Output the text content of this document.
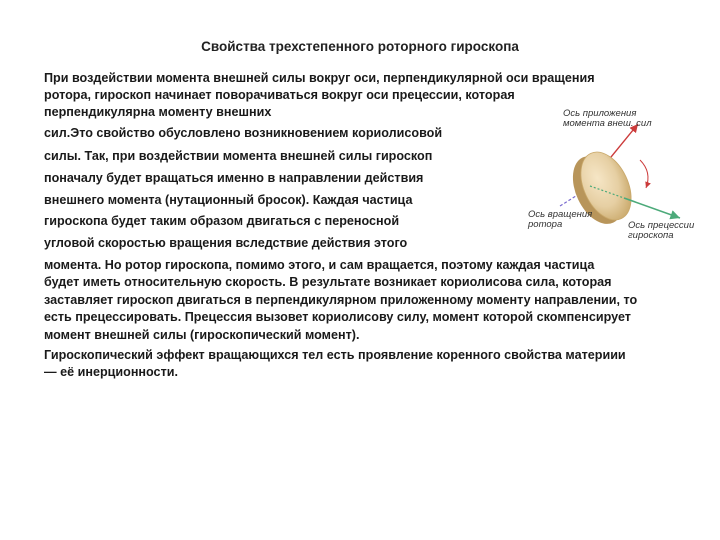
Свойства трехстепенного роторного гироскопа
При воздействии момента внешней силы вокруг оси, перпендикулярной оси вращения
ротора, гироскоп начинает поворачиваться вокруг оси прецессии, которая
перпендикулярна моменту внешних
сил.Это свойство обусловлено возникновением кориолисовой
силы. Так, при воздействии момента внешней силы гироскоп
поначалу будет вращаться именно в направлении действия
внешнего момента (нутационный бросок). Каждая частица
гироскопа будет таким образом двигаться с переносной
угловой скоростью вращения вследствие действия этого
момента. Но ротор гироскопа, помимо этого, и сам вращается, поэтому каждая частица
будет иметь относительную скорость. В результате возникает кориолисова сила, которая
заставляет гироскоп двигаться в перпендикулярном приложенному моменту направлении, то
есть прецессировать. Прецессия вызовет кориолисову силу, момент которой скомпенсирует
момент внешней силы (гироскопический момент).
Гироскопический эффект вращающихся тел есть проявление коренного свойства материии
— её инерционности.
Ось приложения
момента внеш. сил
Ось вращения
ротора	Ось прецессии
гироскопа
